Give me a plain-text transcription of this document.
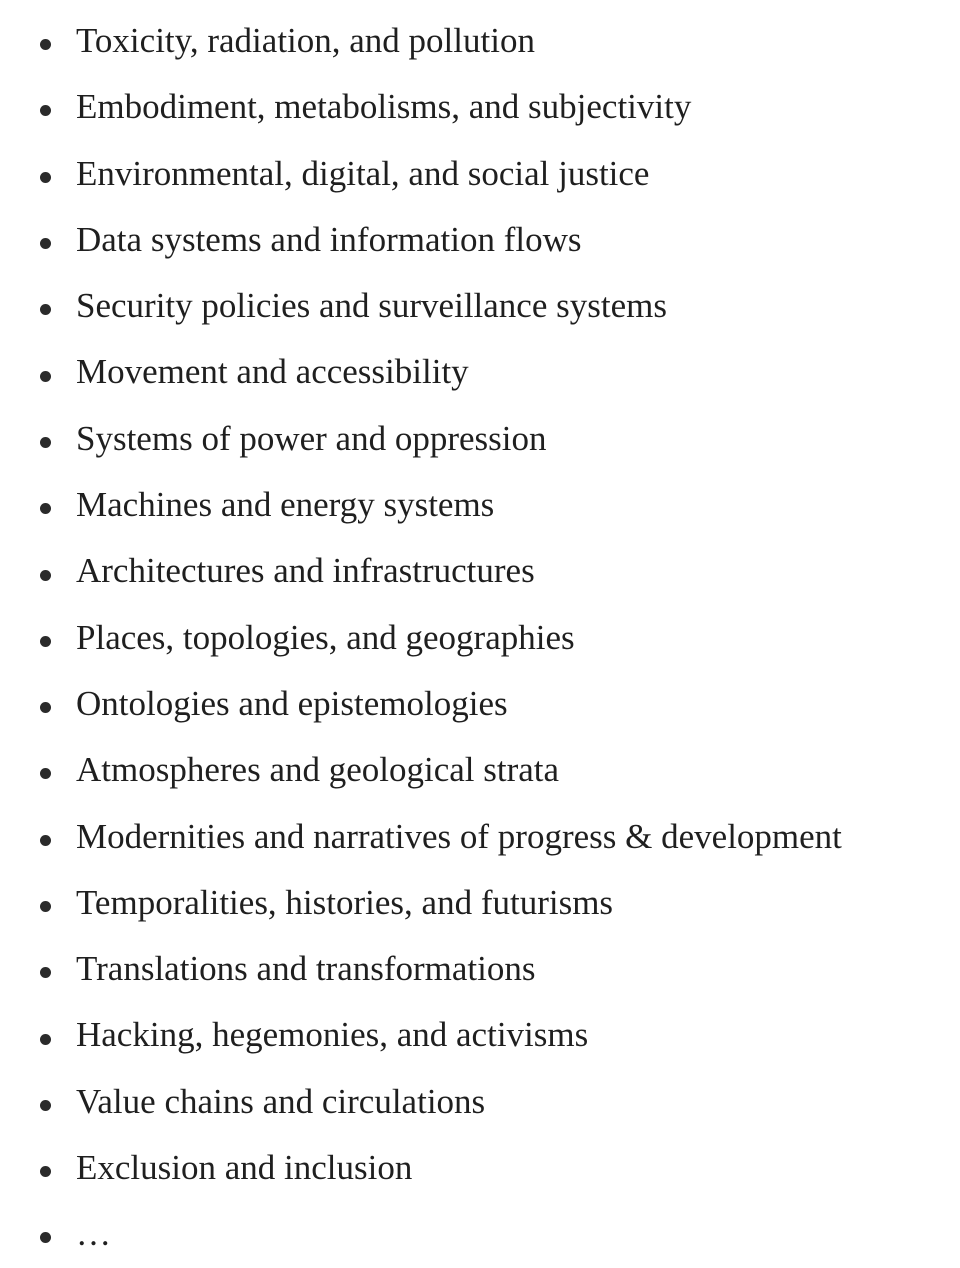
Toxicity, radiation, and pollution
Embodiment, metabolisms, and subjectivity
Environmental, digital, and social justice
Data systems and information flows
Security policies and surveillance systems
Movement and accessibility
Systems of power and oppression
Machines and energy systems
Architectures and infrastructures
Places, topologies, and geographies
Ontologies and epistemologies
Atmospheres and geological strata
Modernities and narratives of progress & development
Temporalities, histories, and futurisms
Translations and transformations
Hacking, hegemonies, and activisms
Value chains and circulations
Exclusion and inclusion
…
